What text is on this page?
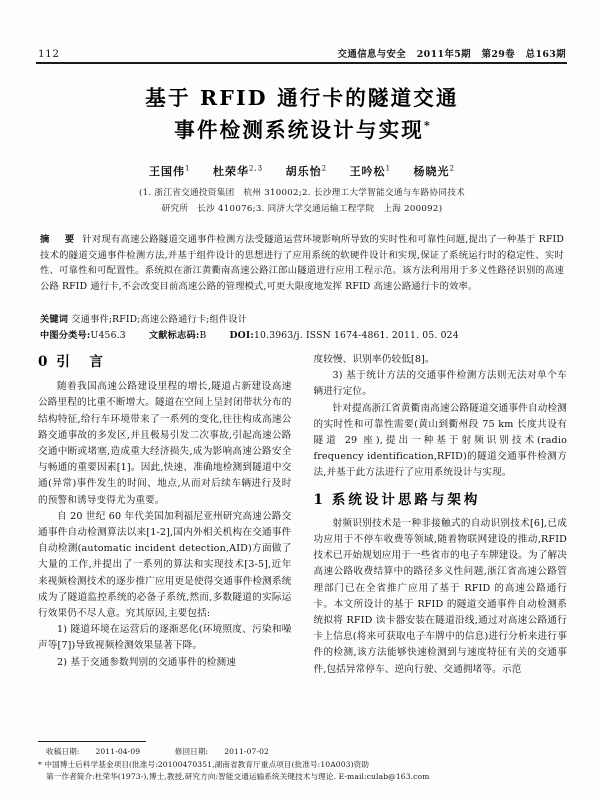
112	交通信息与安全 2011年5期 第29卷 总163期
基于 RFID 通行卡的隧道交通
事件检测系统设计与实现*
王国伟$^1$ 杜荣华$^{2,3}$ 胡乐怡$^2$ 王吟松$^1$ 杨晓光$^2$
(1. 浙江省交通投资集团　杭州 310002;2. 长沙理工大学智能交通与车路协同技术
研究所　长沙 410076;3. 同济大学交通运输工程学院　上海 200092)
摘　要 针对现有高速公路隧道交通事件检测方法受隧道运营环境影响所导致的实时性和可靠性问题,提出了一种基于 RFID 技术的隧道交通事件检测方法,并基于组件设计的思想进行了应用系统的软硬件设计和实现,保证了系统运行时的稳定性、实时性、可靠性和可配置性。系统拟在浙江黄衢南高速公路江郎山隧道进行应用工程示范。该方法利用用于多义性路径识别的高速公路 RFID 通行卡,不会改变目前高速公路的管理模式,可更大限度地发挥 RFID 高速公路通行卡的效率。
关键词 交通事件;RFID;高速公路通行卡;组件设计
中图分类号:U456.3	文献标志码:B	DOI:10.3963/j. ISSN 1674-4861. 2011. 05. 024
0 引　言

随着我国高速公路建设里程的增长,隧道占新建设高速公路里程的比重不断增大。隧道在空间上呈封闭带状分布的结构特征,给行车环境带来了一系列的变化,往往构成高速公路交通事故的多发区,并且极易引发二次事故,引起高速公路交通中断或堵塞,造成重大经济损失,成为影响高速公路安全与畅通的重要因素[1]。因此,快速、准确地检测到隧道中交通(异常)事件发生的时间、地点,从而对后续车辆进行及时的预警和诱导变得尤为重要。

自 20 世纪 60 年代美国加利福尼亚州研究高速公路交通事件自动检测算法以来[1-2],国内外相关机构在交通事件自动检测(automatic incident detection,AID)方面做了大量的工作,并提出了一系列的算法和实现技术[3-5],近年来视频检测技术的逐步推广应用更是使得交通事件检测系统成为了隧道监控系统的必备子系统,然而,多数隧道的实际运行效果仍不尽人意。究其原因,主要包括:

1) 隧道环境在运营后的逐渐恶化(环境照度、污染和噪声等[7])导致视频检测效果显著下降。

2) 基于交通参数判别的交通事件的检测速

度较慢、识别率仍较低[8]。

3) 基于统计方法的交通事件检测方法则无法对单个车辆进行定位。

针对提高浙江省黄衢南高速公路隧道交通事件自动检测的实时性和可靠性需要(黄山到衢州段 75 km 长度共设有隧道 29 座),提出一种基于射频识别技术(radio frequency identification,RFID)的隧道交通事件检测方法,并基于此方法进行了应用系统设计与实现。

1 系统设计思路与架构

射频识别技术是一种非接触式的自动识别技术[6],已成功应用于不停车收费等领域,随着物联网建设的推动,RFID 技术已开始规划应用于一些省市的电子车牌建设。为了解决高速公路收费结算中的路径多义性问题,浙江省高速公路管理部门已在全省推广应用了基于 RFID 的高速公路通行卡。本文所设计的基于 RFID 的隧道交通事件自动检测系统拟将 RFID 读卡器安装在隧道沿线,通过对高速公路通行卡上信息(将来可获取电子车牌中的信息)进行分析来进行事件的检测,该方法能够快速检测到与速度特征有关的交通事件,包括异常停车、逆向行驶、交通拥堵等。示范

收稿日期: 2011-04-09	修回日期: 2011-07-02
* 中国博士后科学基金项目(批准号:20100470351,湖南省教育厅重点项目(批准号:10A003)资助
第一作者简介:杜荣华(1973-),博士,教授,研究方向:智能交通运输系统关键技术与理论. E-mail:culab@163.com
